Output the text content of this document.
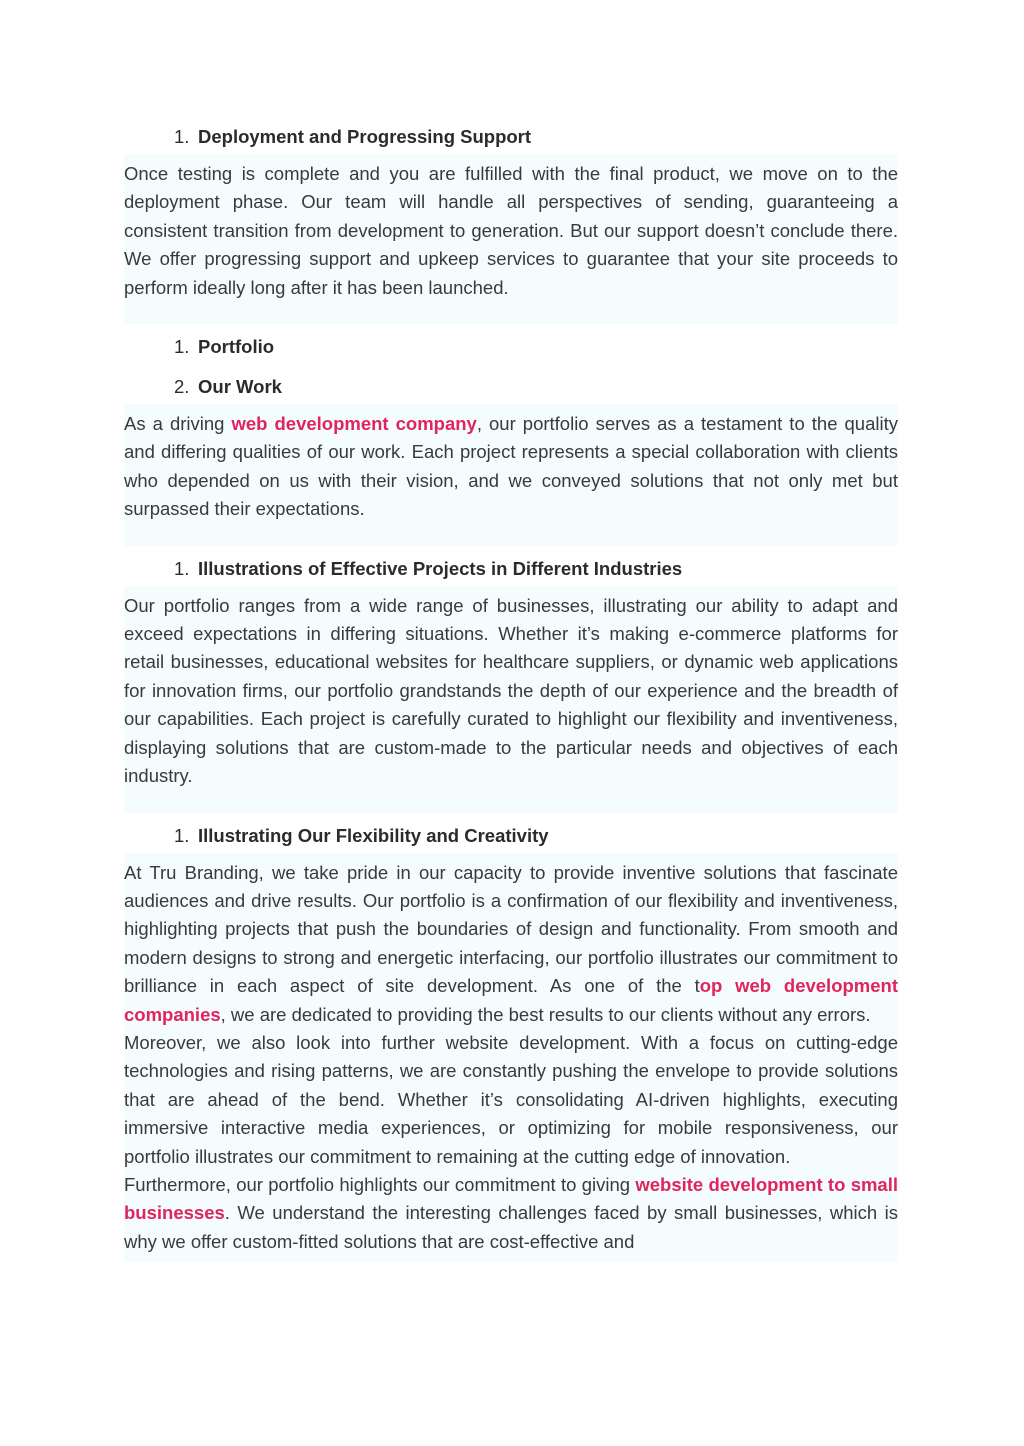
1. Deployment and Progressing Support

Once testing is complete and you are fulfilled with the final product, we move on to the deployment phase. Our team will handle all perspectives of sending, guaranteeing a consistent transition from development to generation. But our support doesn’t conclude there. We offer progressing support and upkeep services to guarantee that your site proceeds to perform ideally long after it has been launched.

1. Portfolio
2. Our Work

As a driving web development company, our portfolio serves as a testament to the quality and differing qualities of our work. Each project represents a special collaboration with clients who depended on us with their vision, and we conveyed solutions that not only met but surpassed their expectations.

1. Illustrations of Effective Projects in Different Industries

Our portfolio ranges from a wide range of businesses, illustrating our ability to adapt and exceed expectations in differing situations. Whether it’s making e-commerce platforms for retail businesses, educational websites for healthcare suppliers, or dynamic web applications for innovation firms, our portfolio grandstands the depth of our experience and the breadth of our capabilities. Each project is carefully curated to highlight our flexibility and inventiveness, displaying solutions that are custom-made to the particular needs and objectives of each industry.

1. Illustrating Our Flexibility and Creativity

At Tru Branding, we take pride in our capacity to provide inventive solutions that fascinate audiences and drive results. Our portfolio is a confirmation of our flexibility and inventiveness, highlighting projects that push the boundaries of design and functionality. From smooth and modern designs to strong and energetic interfacing, our portfolio illustrates our commitment to brilliance in each aspect of site development. As one of the top web development companies, we are dedicated to providing the best results to our clients without any errors.

Moreover, we also look into further website development. With a focus on cutting-edge technologies and rising patterns, we are constantly pushing the envelope to provide solutions that are ahead of the bend. Whether it’s consolidating AI-driven highlights, executing immersive interactive media experiences, or optimizing for mobile responsiveness, our portfolio illustrates our commitment to remaining at the cutting edge of innovation.

Furthermore, our portfolio highlights our commitment to giving website development to small businesses. We understand the interesting challenges faced by small businesses, which is why we offer custom-fitted solutions that are cost-effective and
